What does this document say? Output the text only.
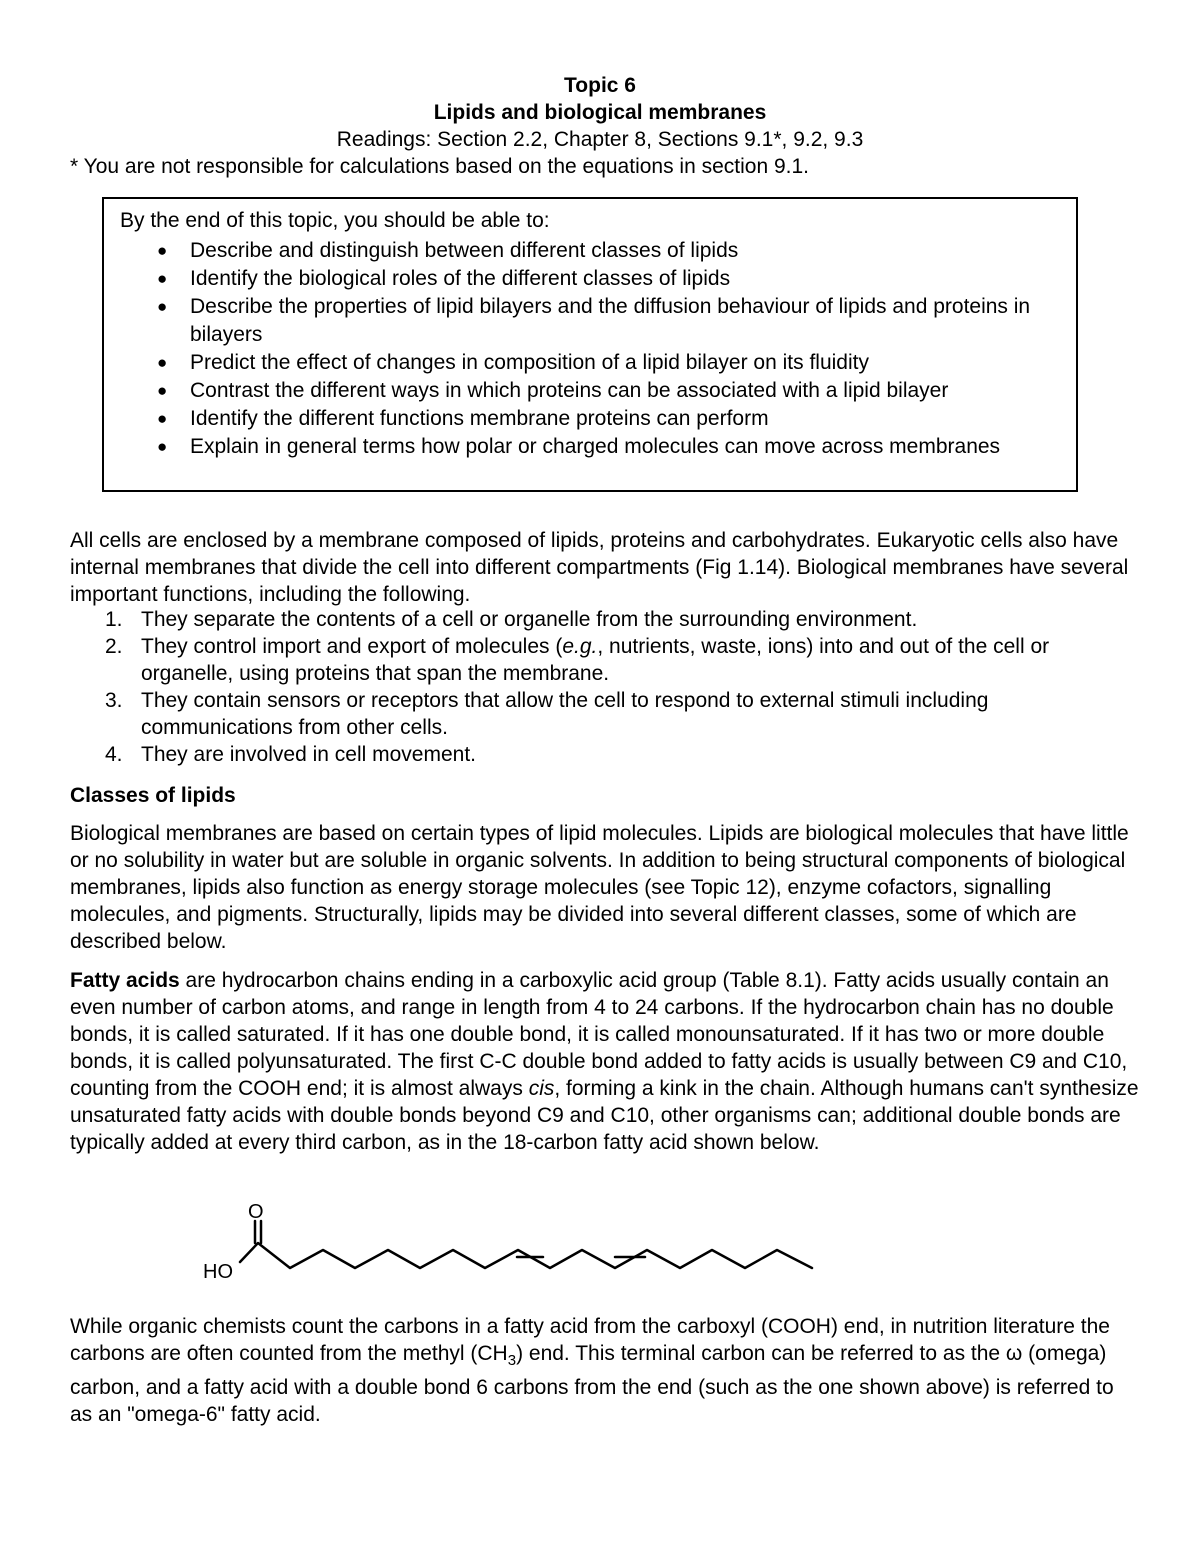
Topic 6
Lipids and biological membranes
Readings: Section 2.2, Chapter 8, Sections 9.1*, 9.2, 9.3
* You are not responsible for calculations based on the equations in section 9.1.
By the end of this topic, you should be able to:
● Describe and distinguish between different classes of lipids
● Identify the biological roles of the different classes of lipids
● Describe the properties of lipid bilayers and the diffusion behaviour of lipids and proteins in bilayers
● Predict the effect of changes in composition of a lipid bilayer on its fluidity
● Contrast the different ways in which proteins can be associated with a lipid bilayer
● Identify the different functions membrane proteins can perform
● Explain in general terms how polar or charged molecules can move across membranes
All cells are enclosed by a membrane composed of lipids, proteins and carbohydrates. Eukaryotic cells also have internal membranes that divide the cell into different compartments (Fig 1.14). Biological membranes have several important functions, including the following.
1. They separate the contents of a cell or organelle from the surrounding environment.
2. They control import and export of molecules (e.g., nutrients, waste, ions) into and out of the cell or organelle, using proteins that span the membrane.
3. They contain sensors or receptors that allow the cell to respond to external stimuli including communications from other cells.
4. They are involved in cell movement.
Classes of lipids
Biological membranes are based on certain types of lipid molecules. Lipids are biological molecules that have little or no solubility in water but are soluble in organic solvents. In addition to being structural components of biological membranes, lipids also function as energy storage molecules (see Topic 12), enzyme cofactors, signalling molecules, and pigments. Structurally, lipids may be divided into several different classes, some of which are described below.
Fatty acids are hydrocarbon chains ending in a carboxylic acid group (Table 8.1). Fatty acids usually contain an even number of carbon atoms, and range in length from 4 to 24 carbons. If the hydrocarbon chain has no double bonds, it is called saturated. If it has one double bond, it is called monounsaturated. If it has two or more double bonds, it is called polyunsaturated. The first C-C double bond added to fatty acids is usually between C9 and C10, counting from the COOH end; it is almost always cis, forming a kink in the chain. Although humans can't synthesize unsaturated fatty acids with double bonds beyond C9 and C10, other organisms can; additional double bonds are typically added at every third carbon, as in the 18-carbon fatty acid shown below.
O
HO
While organic chemists count the carbons in a fatty acid from the carboxyl (COOH) end, in nutrition literature the carbons are often counted from the methyl $(CH_3)$ end. This terminal carbon can be referred to as the ω (omega) carbon, and a fatty acid with a double bond 6 carbons from the end (such as the one shown above) is referred to as an "omega-6" fatty acid.
